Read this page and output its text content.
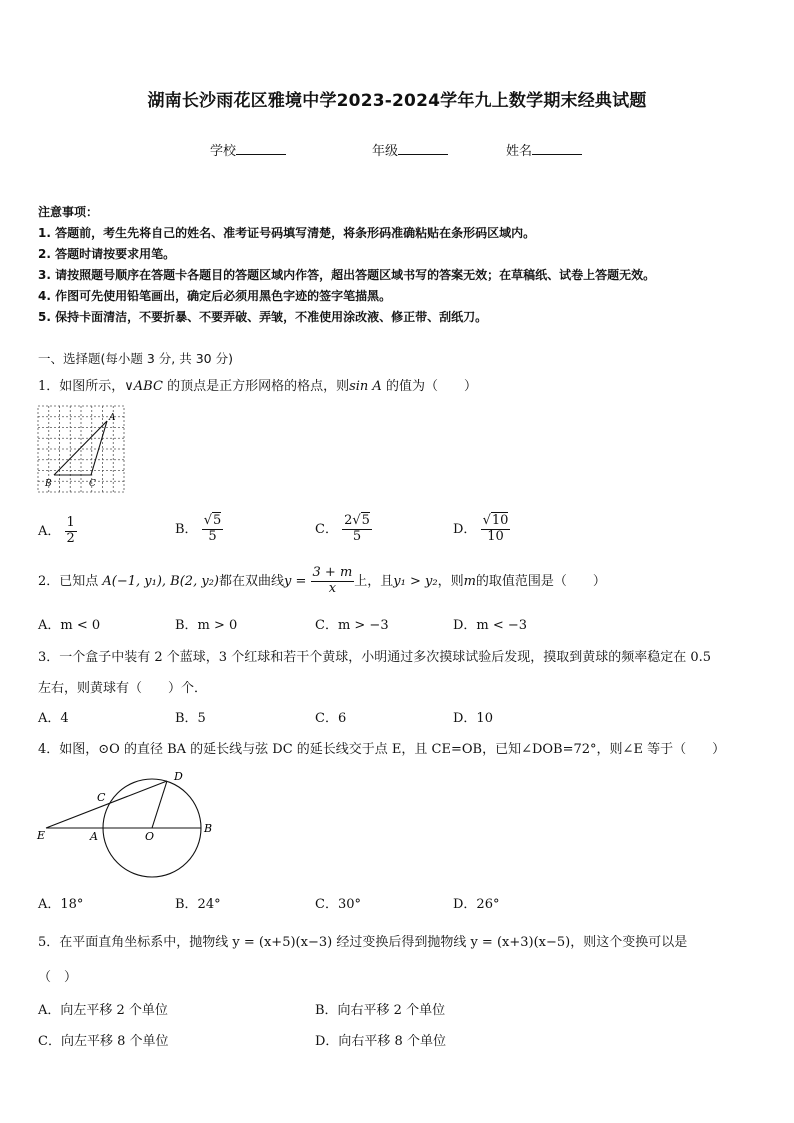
湖南长沙雨花区雅境中学2023-2024学年九上数学期末经典试题
学校	年级	姓名
注意事项：
1. 答题前，考生先将自己的姓名、准考证号码填写清楚，将条形码准确粘贴在条形码区域内。
2. 答题时请按要求用笔。
3. 请按照题号顺序在答题卡各题目的答题区域内作答，超出答题区域书写的答案无效；在草稿纸、试卷上答题无效。
4. 作图可先使用铅笔画出，确定后必须用黑色字迹的签字笔描黑。
5. 保持卡面清洁，不要折暴、不要弄破、弄皱，不准使用涂改液、修正带、刮纸刀。
一、选择题(每小题 3 分, 共 30 分)
1．如图所示，∨ABC 的顶点是正方形网格的格点，则sin A 的值为（　　）
A
B	C
A． $\frac{1}{2}$	B． $\frac{√5}{5}$	C． $\frac{2√5}{5}$	D． $\frac{√10}{10}$
2．已知点 A(−1, y₁), B(2, y₂)都在双曲线$y = \frac{3 + m}{x}$ 上，且y₁ > y₂，则m的取值范围是（　　）
A．m < 0	B．m > 0	C．m > −3	D．m < −3
3．一个盒子中装有 2 个蓝球，3 个红球和若干个黄球，小明通过多次摸球试验后发现，摸取到黄球的频率稳定在 0.5
左右，则黄球有（　　）个．
A．4	B．5	C．6	D．10
4．如图，⊙O 的直径 BA 的延长线与弦 DC 的延长线交于点 E，且 CE=OB，已知∠DOB=72°，则∠E 等于（　　）
D
C
E	A	O
B
A．18°	B．24°	C．30°	D．26°
5．在平面直角坐标系中，抛物线 y = (x+5)(x−3) 经过变换后得到抛物线 y = (x+3)(x−5)，则这个变换可以是
（　）
A．向左平移 2 个单位	B．向右平移 2 个单位
C．向左平移 8 个单位	D．向右平移 8 个单位
